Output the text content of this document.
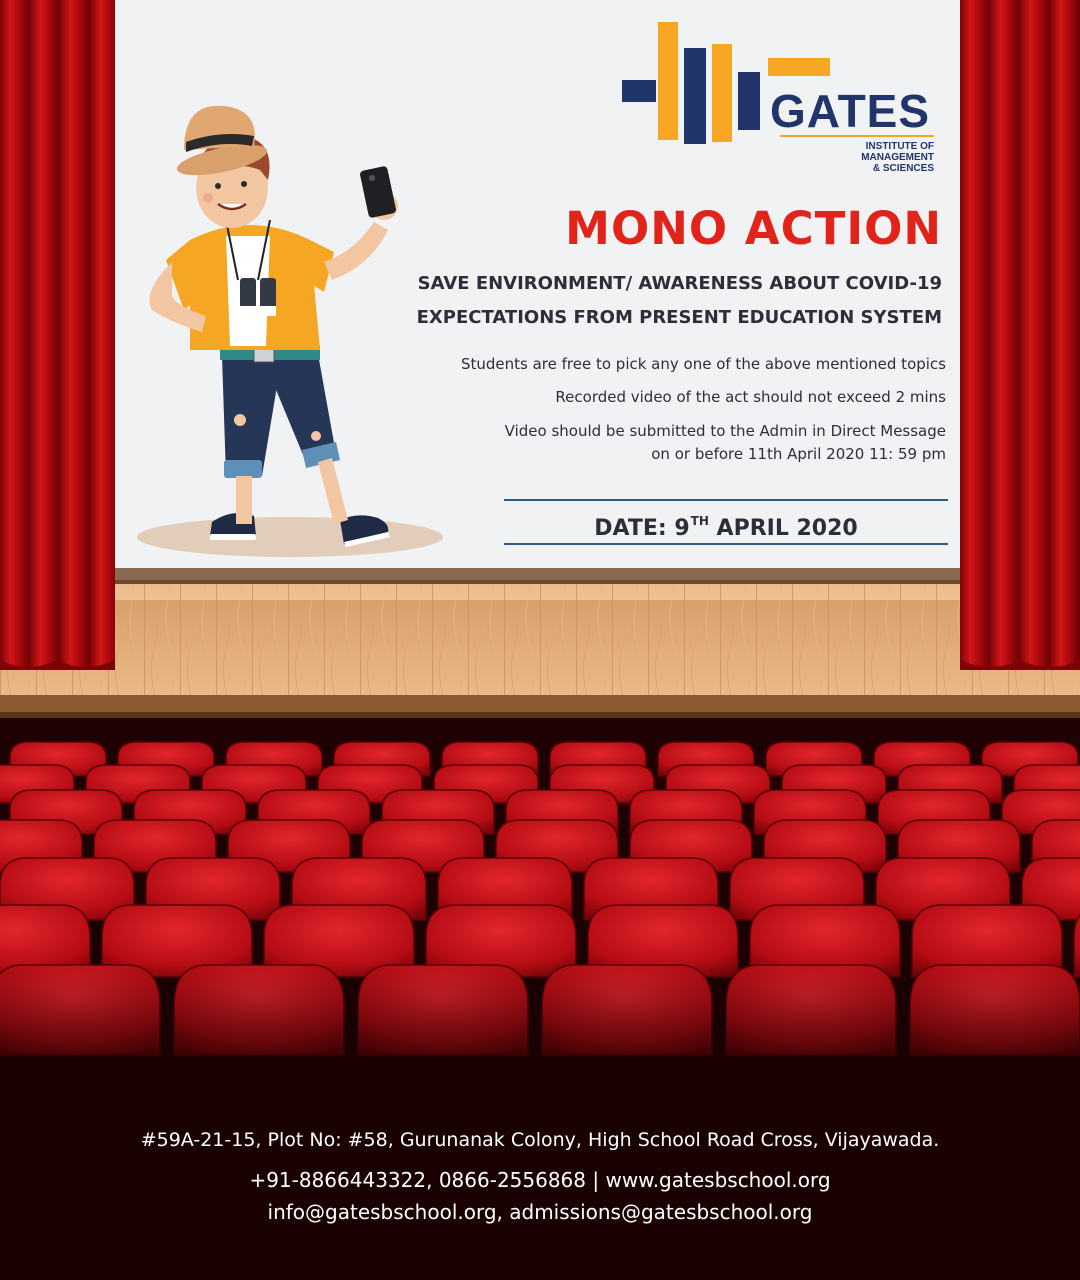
GATES
INSTITUTE OF
MANAGEMENT
& SCIENCES
MONO ACTION
SAVE ENVIRONMENT/ AWARENESS ABOUT COVID-19
EXPECTATIONS FROM PRESENT EDUCATION SYSTEM
Students are free to pick any one of the above mentioned topics
Recorded video of the act should not exceed 2 mins
Video should be submitted to the Admin in Direct Message
on or before 11th April 2020 11: 59 pm
DATE: 9TH APRIL 2020
#59A-21-15, Plot No: #58, Gurunanak Colony, High School Road Cross, Vijayawada.
+91-8866443322, 0866-2556868 | www.gatesbschool.org
info@gatesbschool.org, admissions@gatesbschool.org
